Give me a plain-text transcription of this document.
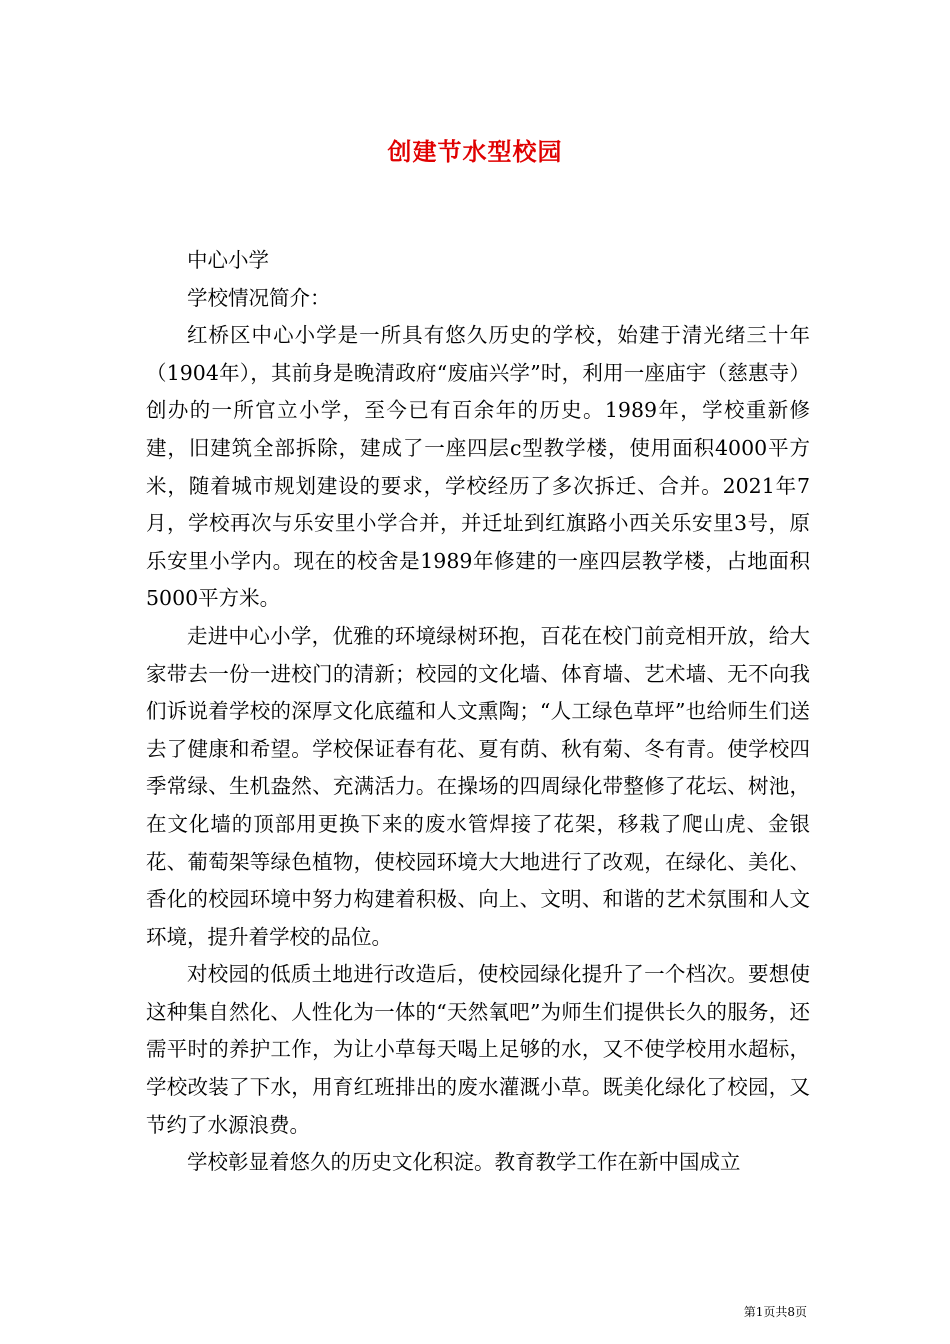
创建节水型校园

中心小学

学校情况简介：

红桥区中心小学是一所具有悠久历史的学校，始建于清光绪三十年（1904年），其前身是晚清政府“废庙兴学”时，利用一座庙宇（慈惠寺）创办的一所官立小学，至今已有百余年的历史。1989年，学校重新修建，旧建筑全部拆除，建成了一座四层c型教学楼，使用面积4000平方米，随着城市规划建设的要求，学校经历了多次拆迁、合并。2021年7月，学校再次与乐安里小学合并，并迁址到红旗路小西关乐安里3号，原乐安里小学内。现在的校舍是1989年修建的一座四层教学楼，占地面积5000平方米。

走进中心小学，优雅的环境绿树环抱，百花在校门前竞相开放，给大家带去一份一进校门的清新；校园的文化墙、体育墙、艺术墙、无不向我们诉说着学校的深厚文化底蕴和人文熏陶；“人工绿色草坪”也给师生们送去了健康和希望。学校保证春有花、夏有荫、秋有菊、冬有青。使学校四季常绿、生机盎然、充满活力。在操场的四周绿化带整修了花坛、树池，在文化墙的顶部用更换下来的废水管焊接了花架，移栽了爬山虎、金银花、葡萄架等绿色植物，使校园环境大大地进行了改观，在绿化、美化、香化的校园环境中努力构建着积极、向上、文明、和谐的艺术氛围和人文环境，提升着学校的品位。

对校园的低质土地进行改造后，使校园绿化提升了一个档次。要想使这种集自然化、人性化为一体的“天然氧吧”为师生们提供长久的服务，还需平时的养护工作，为让小草每天喝上足够的水，又不使学校用水超标，学校改装了下水，用育红班排出的废水灌溉小草。既美化绿化了校园，又节约了水源浪费。

学校彰显着悠久的历史文化积淀。教育教学工作在新中国成立

第1页共8页
